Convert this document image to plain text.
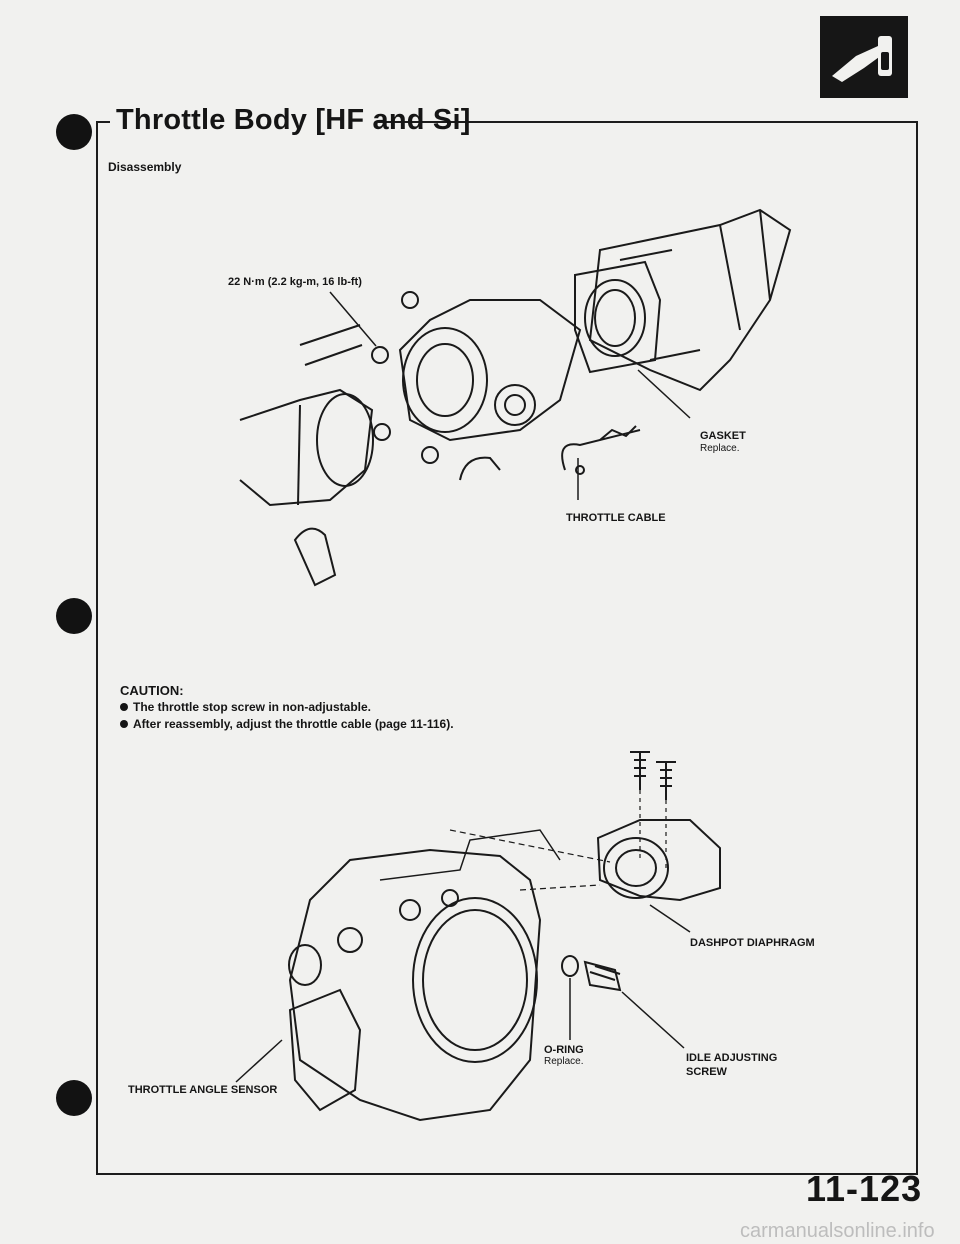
Throttle Body [HF and Si]
Disassembly
22 N·m (2.2 kg-m, 16 lb-ft)
GASKET
Replace.
THROTTLE CABLE
CAUTION:
The throttle stop screw in non-adjustable.
After reassembly, adjust the throttle cable (page 11-116).
DASHPOT DIAPHRAGM
O-RING
Replace.	IDLE ADJUSTING
SCREW
THROTTLE ANGLE SENSOR
11-123
carmanualsonline.info
